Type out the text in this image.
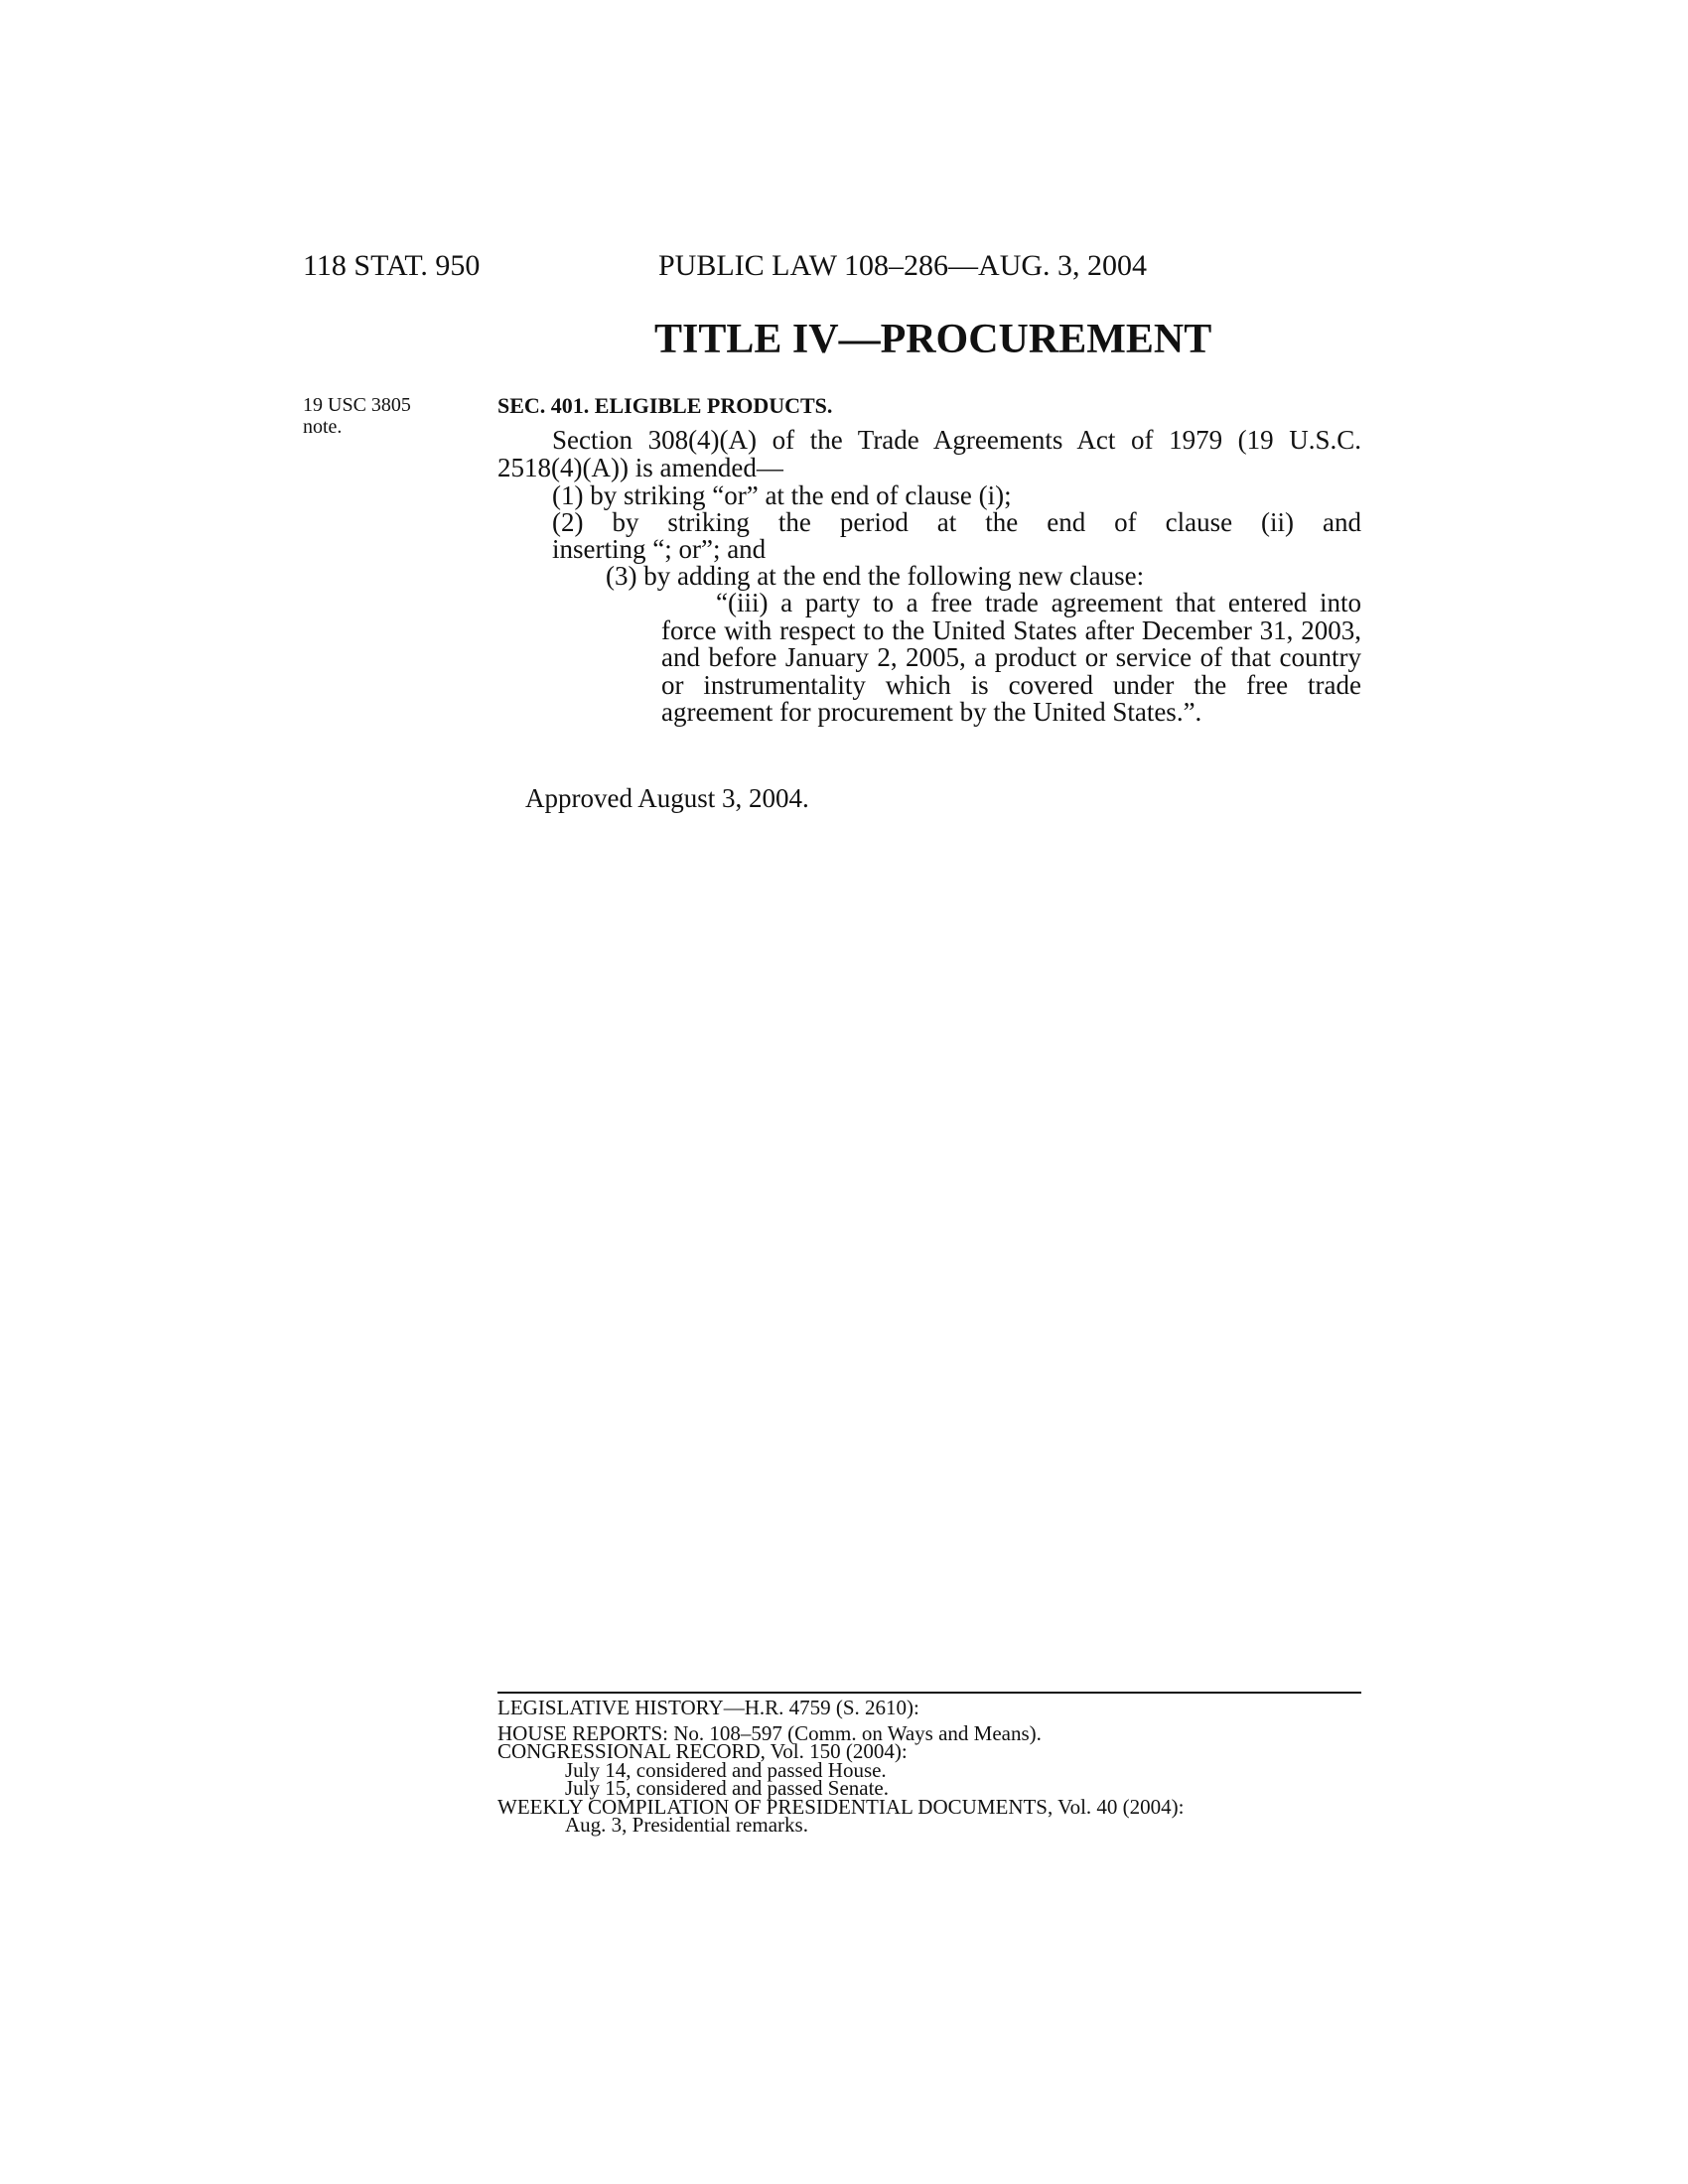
118 STAT. 950	PUBLIC LAW 108–286—AUG. 3, 2004
TITLE IV—PROCUREMENT
19 USC 3805
note.
SEC. 401. ELIGIBLE PRODUCTS.
Section 308(4)(A) of the Trade Agreements Act of 1979 (19 U.S.C. 2518(4)(A)) is amended—
(1) by striking “or” at the end of clause (i);
(2) by striking the period at the end of clause (ii) and
inserting “; or”; and
(3) by adding at the end the following new clause:
“(iii) a party to a free trade agreement that entered into force with respect to the United States after December 31, 2003, and before January 2, 2005, a product or service of that country or instrumentality which is covered under the free trade agreement for procurement by the United States.”.
Approved August 3, 2004.
LEGISLATIVE HISTORY—H.R. 4759 (S. 2610):
HOUSE REPORTS: No. 108–597 (Comm. on Ways and Means).
CONGRESSIONAL RECORD, Vol. 150 (2004):
July 14, considered and passed House.
July 15, considered and passed Senate.
WEEKLY COMPILATION OF PRESIDENTIAL DOCUMENTS, Vol. 40 (2004):
Aug. 3, Presidential remarks.
